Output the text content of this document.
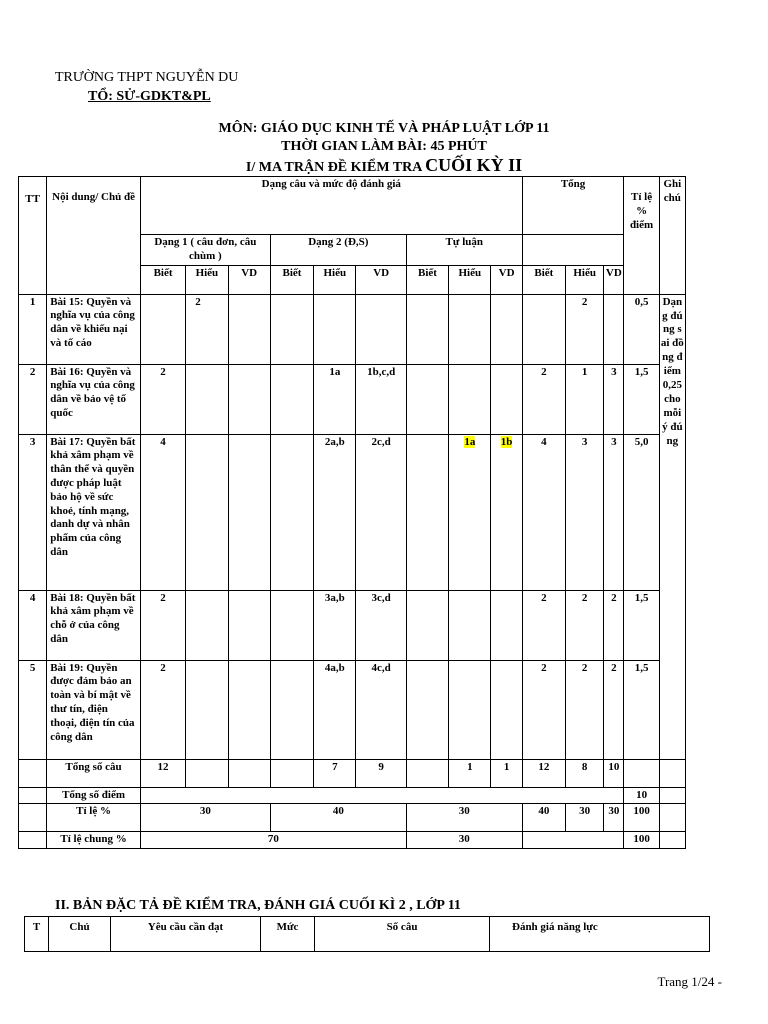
TRƯỜNG THPT NGUYỄN DU
TỔ: SỬ-GDKT&PL
MÔN: GIÁO DỤC KINH TẾ VÀ PHÁP LUẬT LỚP 11
THỜI GIAN LÀM BÀI: 45 PHÚT
I/ MA TRẬN ĐỀ KIỂM TRA CUỐI KỲ II
TT	Nội dung/ Chủ đề	Dạng câu và mức độ đánh giá									Tổng			Tỉ lệ % điểm	Ghi chú
		Dạng 1 ( câu đơn, câu chùm )			Dạng 2 (Đ,S)			Tự luận							
		Biết	Hiểu	VD	Biết	Hiểu	VD	Biết	Hiểu	VD	Biết	Hiểu	VD		
1	Bài 15: Quyền và nghĩa vụ của công dân về khiếu nại và tố cáo		2									2		0,5	Dạng đúng sai đồng điểm 0,25 cho mỗi ý đúng
2	Bài 16: Quyền và nghĩa vụ của công dân về bảo vệ tổ quốc	2				1a	1b,c,d				2	1	3	1,5	
3	Bài 17: Quyền bất khả xâm phạm về thân thể và quyền được pháp luật bảo hộ về sức khoẻ, tính mạng, danh dự và nhân phẩm của công dân	4				2a,b	2c,d		1a	1b	4	3	3	5,0	
4	Bài 18: Quyền bất khả xâm phạm về chỗ ở của công dân	2				3a,b	3c,d				2	2	2	1,5	
5	Bài 19: Quyền được đảm bảo an toàn và bí mật về thư tín, điện thoại, điện tín của công dân	2				4a,b	4c,d				2	2	2	1,5	
	Tổng số câu	12				7	9		1	1	12	8	10		
	Tổng số điểm													10	
	Tỉ lệ %	30			40			30			40	30	30	100	
	Tỉ lệ chung %	70						30						100	
II. BẢN ĐẶC TẢ ĐỀ KIỂM TRA, ĐÁNH GIÁ CUỐI KÌ 2 , LỚP 11
T	Chủ	Yêu cầu cần đạt	Mức	Số câu	Đánh giá năng lực
Trang 1/24 -
